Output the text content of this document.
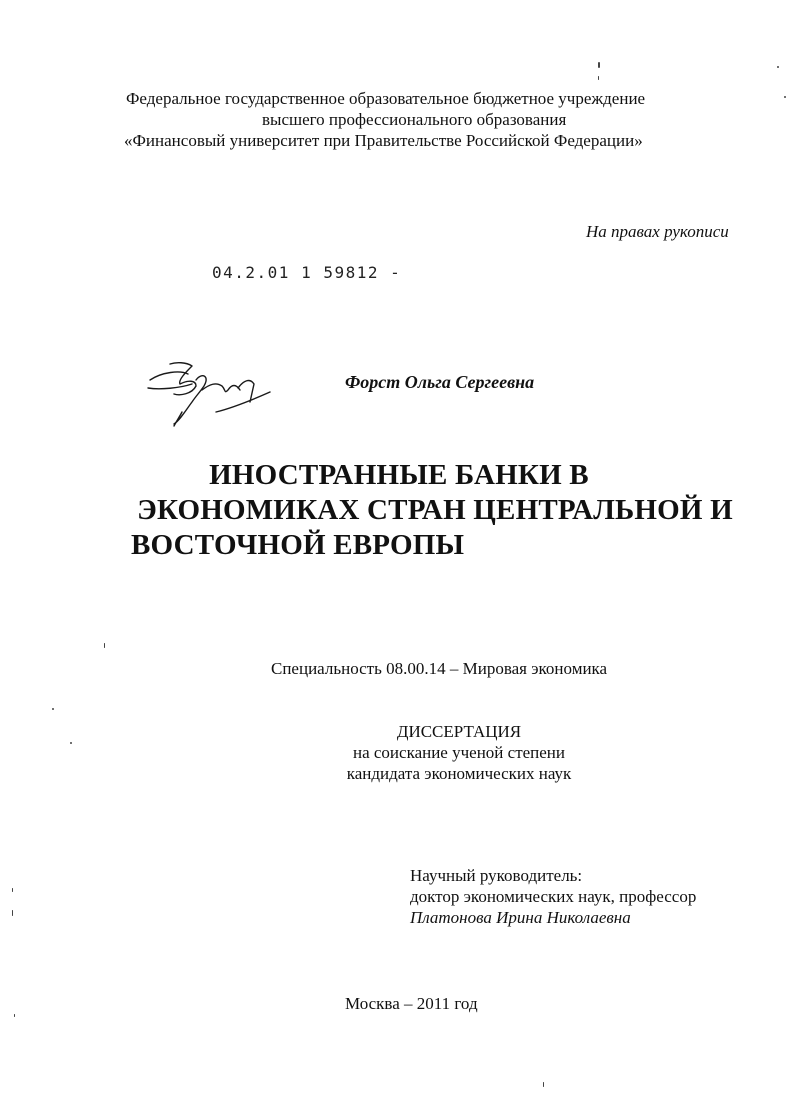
Федеральное государственное образовательное бюджетное учреждение
высшего профессионального образования
«Финансовый университет при Правительстве Российской Федерации»
На правах рукописи
04.2.01 1 59812 -
Форст Ольга Сергеевна
ИНОСТРАННЫЕ БАНКИ В
ЭКОНОМИКАХ СТРАН ЦЕНТРАЛЬНОЙ И
ВОСТОЧНОЙ ЕВРОПЫ
Специальность 08.00.14 – Мировая экономика
ДИССЕРТАЦИЯ
на соискание ученой степени
кандидата экономических наук
Научный руководитель:
доктор экономических наук, профессор
Платонова Ирина Николаевна
Москва – 2011 год
